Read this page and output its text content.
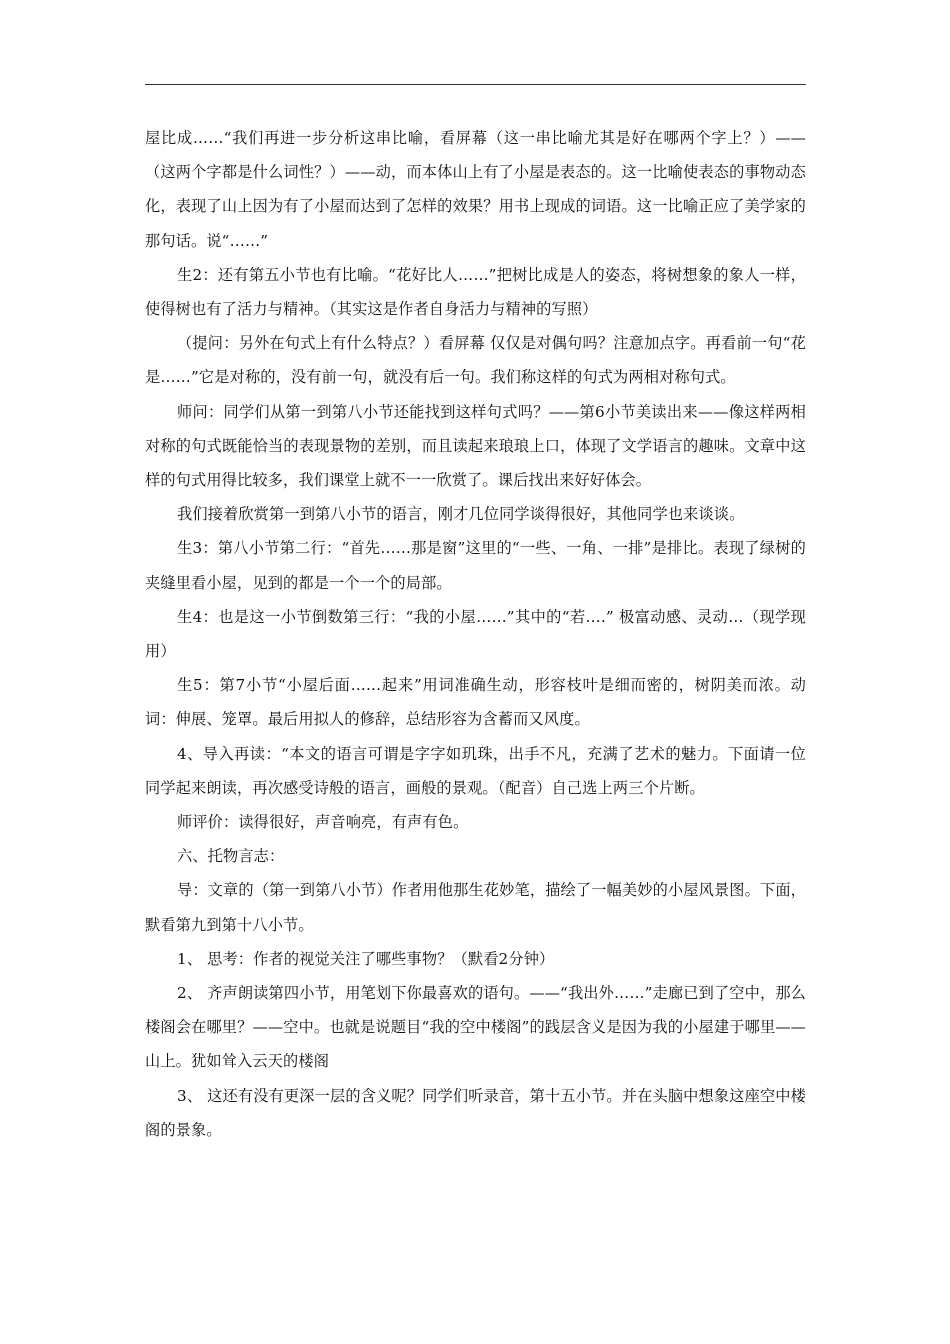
屋比成……“我们再进一步分析这串比喻，看屏幕（这一串比喻尤其是好在哪两个字上？）——（这两个字都是什么词性？）——动，而本体山上有了小屋是表态的。这一比喻使表态的事物动态化，表现了山上因为有了小屋而达到了怎样的效果？用书上现成的词语。这一比喻正应了美学家的那句话。说“……”

生2：还有第五小节也有比喻。“花好比人……”把树比成是人的姿态，将树想象的象人一样，使得树也有了活力与精神。（其实这是作者自身活力与精神的写照）

（提问：另外在句式上有什么特点？）看屏幕 仅仅是对偶句吗？注意加点字。再看前一句“花是……”它是对称的，没有前一句，就没有后一句。我们称这样的句式为两相对称句式。

师问：同学们从第一到第八小节还能找到这样句式吗？——第6小节美读出来——像这样两相对称的句式既能恰当的表现景物的差别，而且读起来琅琅上口，体现了文学语言的趣味。文章中这样的句式用得比较多，我们课堂上就不一一欣赏了。课后找出来好好体会。

我们接着欣赏第一到第八小节的语言，刚才几位同学谈得很好，其他同学也来谈谈。

生3：第八小节第二行：“首先……那是窗”这里的“一些、一角、一排”是排比。表现了绿树的夹缝里看小屋，见到的都是一个一个的局部。

生4：也是这一小节倒数第三行：“我的小屋……”其中的“若….” 极富动感、灵动…（现学现用）

生5：第7小节“小屋后面……起来”用词准确生动，形容枝叶是细而密的，树阴美而浓。动词：伸展、笼罩。最后用拟人的修辞，总结形容为含蓄而又风度。

4、导入再读：“本文的语言可谓是字字如玑珠，出手不凡，充满了艺术的魅力。下面请一位同学起来朗读，再次感受诗般的语言，画般的景观。（配音）自己选上两三个片断。

师评价：读得很好，声音响亮，有声有色。

六、托物言志：

导：文章的（第一到第八小节）作者用他那生花妙笔，描绘了一幅美妙的小屋风景图。下面，默看第九到第十八小节。

1、 思考：作者的视觉关注了哪些事物？（默看2分钟）

2、 齐声朗读第四小节，用笔划下你最喜欢的语句。——“我出外……”走廊已到了空中，那么楼阁会在哪里？——空中。也就是说题目“我的空中楼阁”的践层含义是因为我的小屋建于哪里——山上。犹如耸入云天的楼阁

3、 这还有没有更深一层的含义呢？同学们听录音，第十五小节。并在头脑中想象这座空中楼阁的景象。
